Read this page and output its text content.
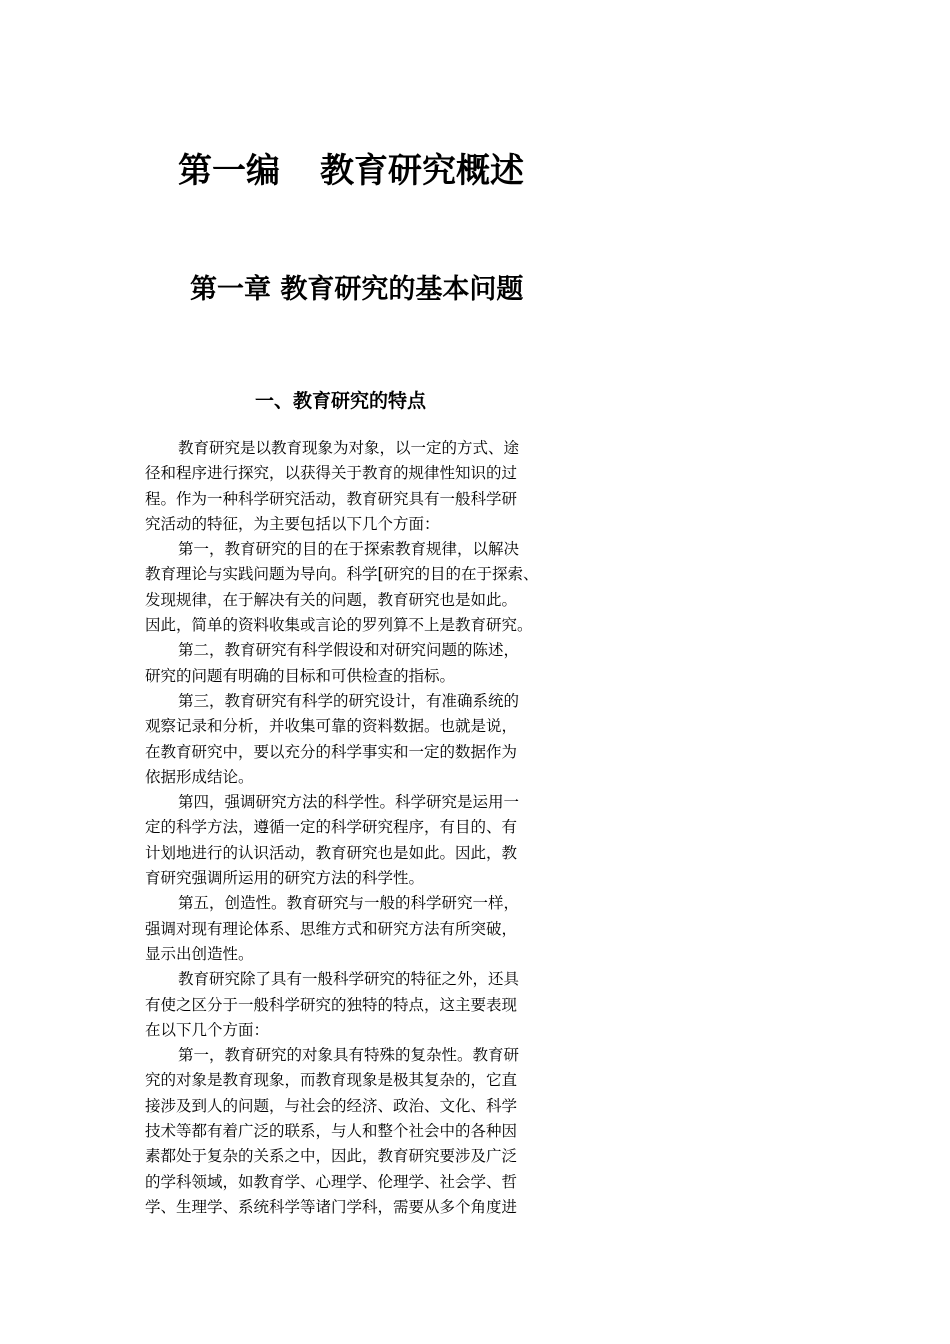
第一编 教育研究概述
第一章 教育研究的基本问题
一、教育研究的特点
教育研究是以教育现象为对象，以一定的方式、途
径和程序进行探究，以获得关于教育的规律性知识的过
程。作为一种科学研究活动，教育研究具有一般科学研
究活动的特征，为主要包括以下几个方面：
第一，教育研究的目的在于探索教育规律，以解决
教育理论与实践问题为导向。科学[研究的目的在于探索、
发现规律，在于解决有关的问题，教育研究也是如此。
因此，简单的资料收集或言论的罗列算不上是教育研究。
第二，教育研究有科学假设和对研究问题的陈述，
研究的问题有明确的目标和可供检查的指标。
第三，教育研究有科学的研究设计，有准确系统的
观察记录和分析，并收集可靠的资料数据。也就是说，
在教育研究中，要以充分的科学事实和一定的数据作为
依据形成结论。
第四，强调研究方法的科学性。科学研究是运用一
定的科学方法，遵循一定的科学研究程序，有目的、有
计划地进行的认识活动，教育研究也是如此。因此，教
育研究强调所运用的研究方法的科学性。
第五，创造性。教育研究与一般的科学研究一样，
强调对现有理论体系、思维方式和研究方法有所突破，
显示出创造性。
教育研究除了具有一般科学研究的特征之外，还具
有使之区分于一般科学研究的独特的特点，这主要表现
在以下几个方面：
第一，教育研究的对象具有特殊的复杂性。教育研
究的对象是教育现象，而教育现象是极其复杂的，它直
接涉及到人的问题，与社会的经济、政治、文化、科学
技术等都有着广泛的联系，与人和整个社会中的各种因
素都处于复杂的关系之中，因此，教育研究要涉及广泛
的学科领域，如教育学、心理学、伦理学、社会学、哲
学、生理学、系统科学等诸门学科，需要从多个角度进
